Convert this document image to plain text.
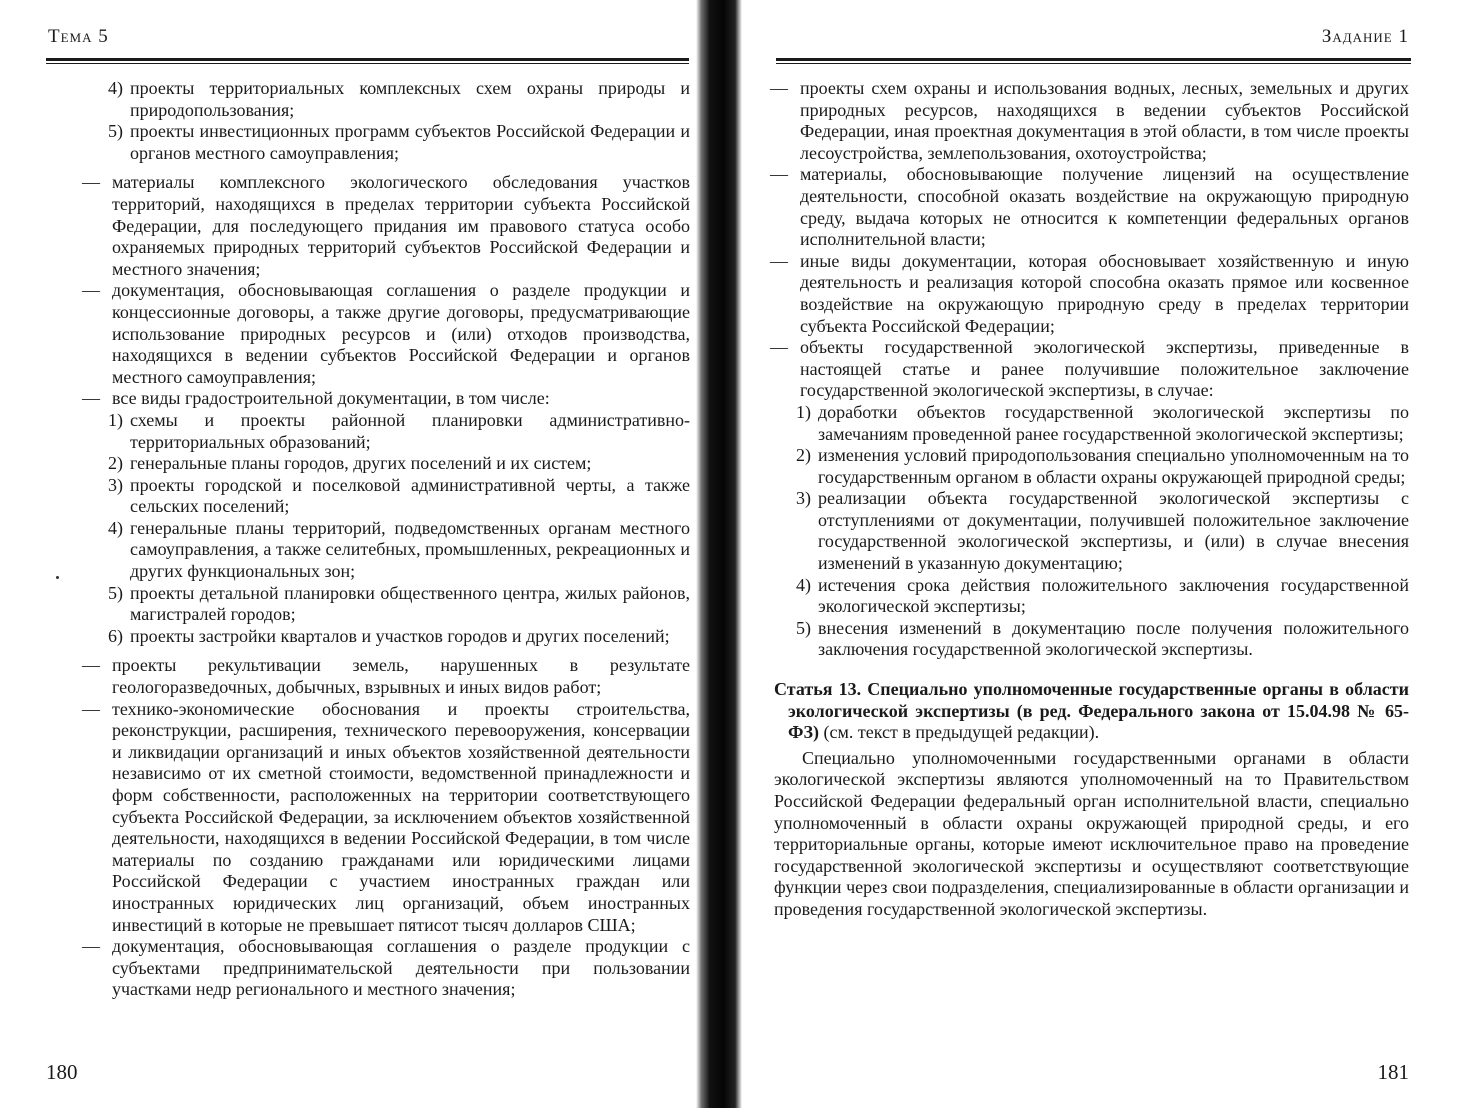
Тема 5
4) проекты территориальных комплексных схем охраны природы и природопользования;
5) проекты инвестиционных программ субъектов Российской Федерации и органов местного самоуправления;
— материалы комплексного экологического обследования участков территорий, находящихся в пределах территории субъекта Российской Федерации, для последующего придания им правового статуса особо охраняемых природных территорий субъектов Российской Федерации и местного значения;
— документация, обосновывающая соглашения о разделе продукции и концессионные договоры, а также другие договоры, предусматривающие использование природных ресурсов и (или) отходов производства, находящихся в ведении субъектов Российской Федерации и органов местного самоуправления;
— все виды градостроительной документации, в том числе:
1) схемы и проекты районной планировки административно-территориальных образований;
2) генеральные планы городов, других поселений и их систем;
3) проекты городской и поселковой административной черты, а также сельских поселений;
4) генеральные планы территорий, подведомственных органам местного самоуправления, а также селитебных, промышленных, рекреационных и других функциональных зон;
5) проекты детальной планировки общественного центра, жилых районов, магистралей городов;
6) проекты застройки кварталов и участков городов и других поселений;
— проекты рекультивации земель, нарушенных в результате геологоразведочных, добычных, взрывных и иных видов работ;
— технико-экономические обоснования и проекты строительства, реконструкции, расширения, технического перевооружения, консервации и ликвидации организаций и иных объектов хозяйственной деятельности независимо от их сметной стоимости, ведомственной принадлежности и форм собственности, расположенных на территории соответствующего субъекта Российской Федерации, за исключением объектов хозяйственной деятельности, находящихся в ведении Российской Федерации, в том числе материалы по созданию гражданами или юридическими лицами Российской Федерации с участием иностранных граждан или иностранных юридических лиц организаций, объем иностранных инвестиций в которые не превышает пятисот тысяч долларов США;
— документация, обосновывающая соглашения о разделе продукции с субъектами предпринимательской деятельности при пользовании участками недр регионального и местного значения;
180
Задание 1
— проекты схем охраны и использования водных, лесных, земельных и других природных ресурсов, находящихся в ведении субъектов Российской Федерации, иная проектная документация в этой области, в том числе проекты лесоустройства, землепользования, охотоустройства;
— материалы, обосновывающие получение лицензий на осуществление деятельности, способной оказать воздействие на окружающую природную среду, выдача которых не относится к компетенции федеральных органов исполнительной власти;
— иные виды документации, которая обосновывает хозяйственную и иную деятельность и реализация которой способна оказать прямое или косвенное воздействие на окружающую природную среду в пределах территории субъекта Российской Федерации;
— объекты государственной экологической экспертизы, приведенные в настоящей статье и ранее получившие положительное заключение государственной экологической экспертизы, в случае:
1) доработки объектов государственной экологической экспертизы по замечаниям проведенной ранее государственной экологической экспертизы;
2) изменения условий природопользования специально уполномоченным на то государственным органом в области охраны окружающей природной среды;
3) реализации объекта государственной экологической экспертизы с отступлениями от документации, получившей положительное заключение государственной экологической экспертизы, и (или) в случае внесения изменений в указанную документацию;
4) истечения срока действия положительного заключения государственной экологической экспертизы;
5) внесения изменений в документацию после получения положительного заключения государственной экологической экспертизы.
Статья 13. Специально уполномоченные государственные органы в области экологической экспертизы (в ред. Федерального закона от 15.04.98 № 65-ФЗ) (см. текст в предыдущей редакции).
Специально уполномоченными государственными органами в области экологической экспертизы являются уполномоченный на то Правительством Российской Федерации федеральный орган исполнительной власти, специально уполномоченный в области охраны окружающей природной среды, и его территориальные органы, которые имеют исключительное право на проведение государственной экологической экспертизы и осуществляют соответствующие функции через свои подразделения, специализированные в области организации и проведения государственной экологической экспертизы.
181
